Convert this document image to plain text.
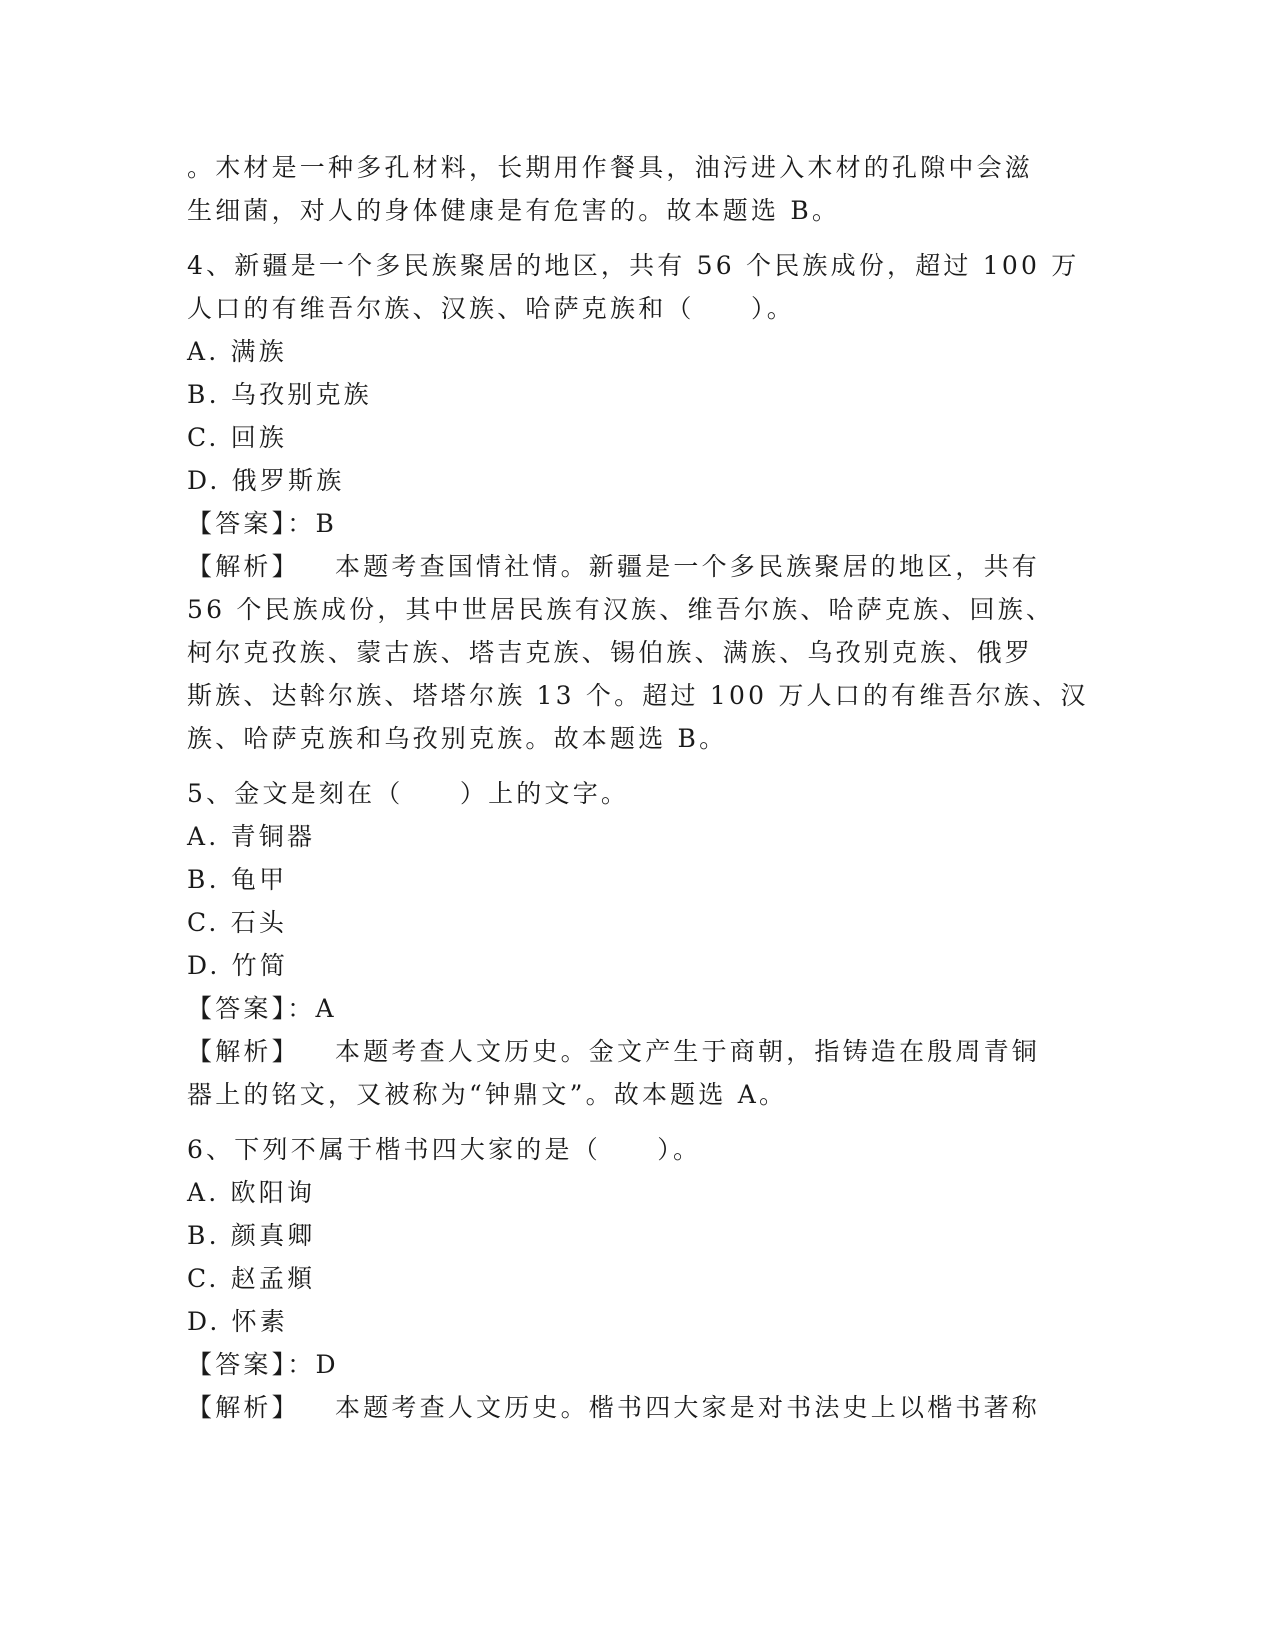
。木材是一种多孔材料，长期用作餐具，油污进入木材的孔隙中会滋

生细菌，对人的身体健康是有危害的。故本题选 B。

4、新疆是一个多民族聚居的地区，共有 56 个民族成份，超过 100 万

人口的有维吾尔族、汉族、哈萨克族和（　　）。

A. 满族

B. 乌孜别克族

C. 回族

D. 俄罗斯族

【答案】：B

【解析】 本题考查国情社情。新疆是一个多民族聚居的地区，共有

56 个民族成份，其中世居民族有汉族、维吾尔族、哈萨克族、回族、

柯尔克孜族、蒙古族、塔吉克族、锡伯族、满族、乌孜别克族、俄罗

斯族、达斡尔族、塔塔尔族 13 个。超过 100 万人口的有维吾尔族、汉

族、哈萨克族和乌孜别克族。故本题选 B。

5、金文是刻在（　　）上的文字。

A. 青铜器

B. 龟甲

C. 石头

D. 竹简

【答案】：A

【解析】 本题考查人文历史。金文产生于商朝，指铸造在殷周青铜

器上的铭文，又被称为“钟鼎文”。故本题选 A。

6、下列不属于楷书四大家的是（　　）。

A. 欧阳询

B. 颜真卿

C. 赵孟頫

D. 怀素

【答案】：D

【解析】 本题考查人文历史。楷书四大家是对书法史上以楷书著称
